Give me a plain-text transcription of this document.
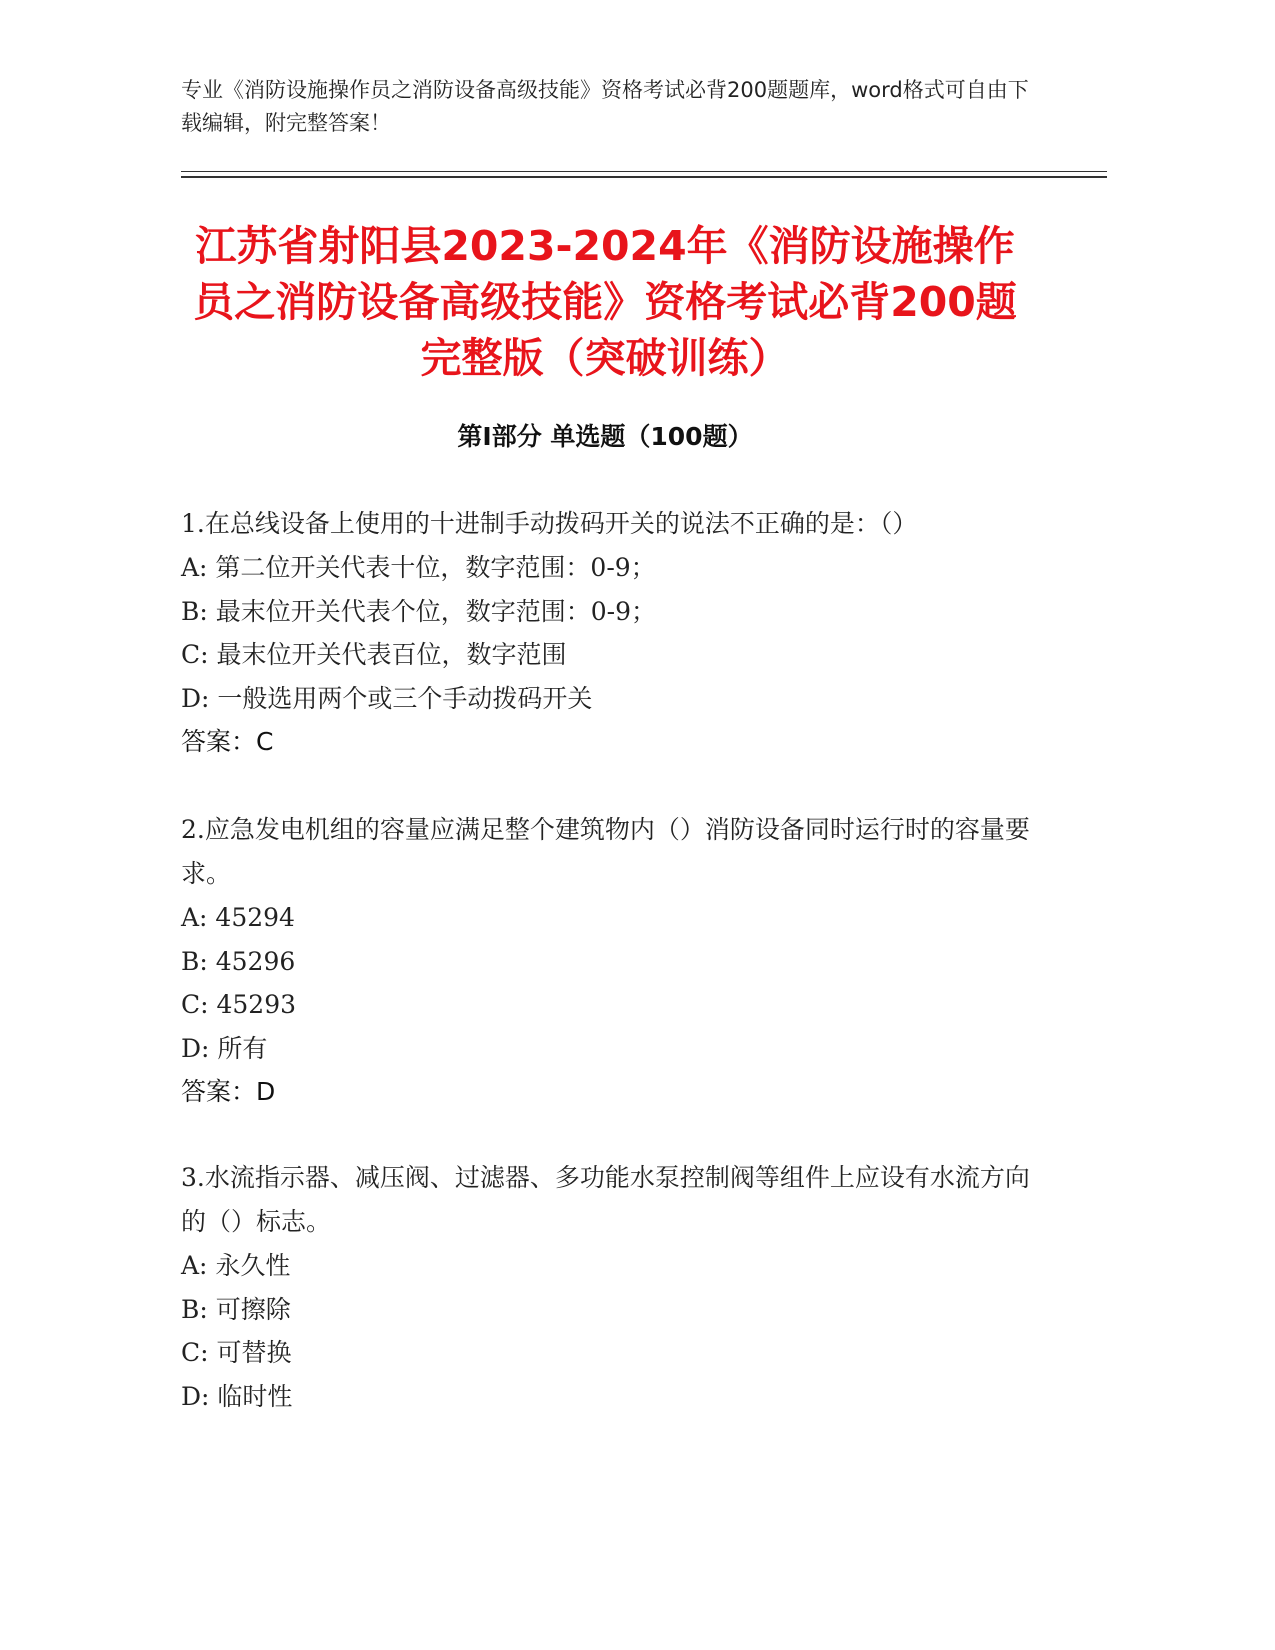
专业《消防设施操作员之消防设备高级技能》资格考试必背200题题库，word格式可自由下载编辑，附完整答案！

江苏省射阳县2023-2024年《消防设施操作员之消防设备高级技能》资格考试必背200题完整版（突破训练）
第Ⅰ部分 单选题（100题）

1.在总线设备上使用的十进制手动拨码开关的说法不正确的是：（）

A: 第二位开关代表十位，数字范围：0-9；

B: 最末位开关代表个位，数字范围：0-9；

C: 最末位开关代表百位，数字范围

D: 一般选用两个或三个手动拨码开关

答案：C

2.应急发电机组的容量应满足整个建筑物内（）消防设备同时运行时的容量要求。

A: 45294

B: 45296

C: 45293

D: 所有

答案：D

3.水流指示器、减压阀、过滤器、多功能水泵控制阀等组件上应设有水流方向的（）标志。

A: 永久性

B: 可擦除

C: 可替换

D: 临时性
